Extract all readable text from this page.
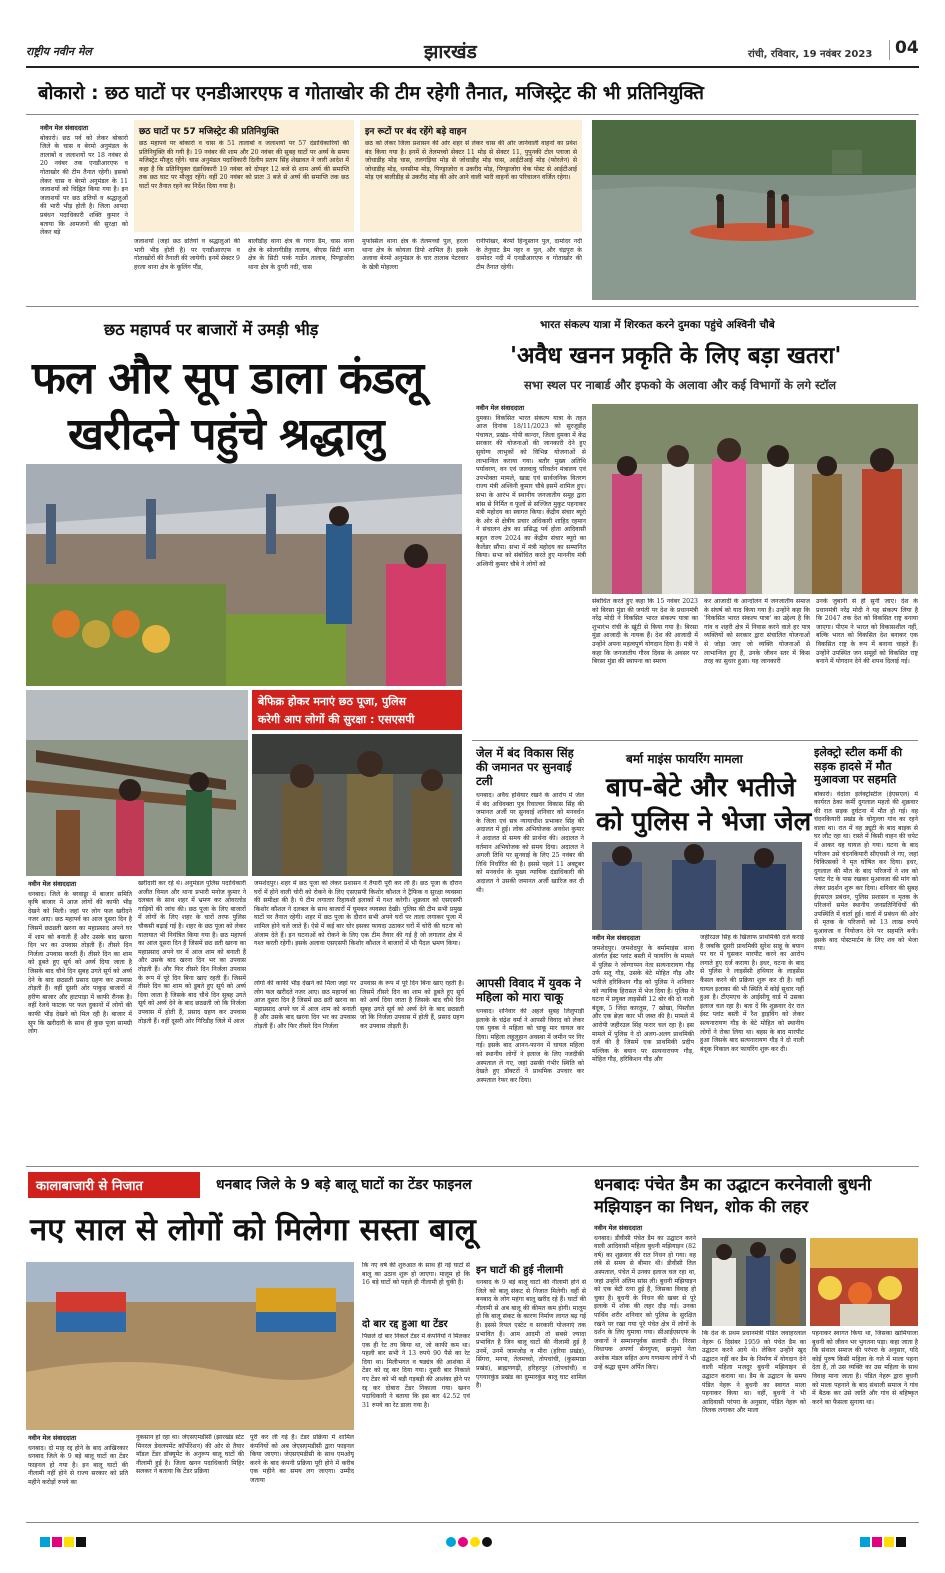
राष्ट्रीय नवीन मेल	झारखंड	रांची, रविवार, 19 नवंबर 2023 04
बोकारो : छठ घाटों पर एनडीआरएफ व गोताखोर की टीम रहेगी तैनात, मजिस्ट्रेट की भी प्रतिनियुक्ति
नवीन मेल संवाददाता
बोकारो। छठ पर्व को लेकर बोकारो जिले के चास व बेरमो अनुमंडल के तालाबों व जलाशयों पर 18 नवंबर से 20 नवंबर तक एनडीआरएफ व गोताखोर की टीम तैनात रहेगी। इसको लेकर चास व बेरमो अनुमंडल के 11 जलाशयों को चिह्नित किया गया है। इन जलाशयों पर छठ व्रतियों व श्रद्धालुओं की भारी भीड़ होती है। जिला आपदा प्रबंधन पदाधिकारी शक्ति कुमार ने बताया कि आमजनों की सुरक्षा को लेकर बड़े
छठ घाटों पर 57 मजिस्ट्रेट की प्रतिनियुक्ति
छठ महापर्व पर बोकारो व चास के 51 तालाबों व जलाशयों पर 57 दंडाधिकारियों की प्रतिनियुक्ति की गयी है। 19 नवंबर की शाम और 20 नवंबर की सुबह घाटों पर अर्घ्य के समय मजिस्ट्रेट मौजूद रहेंगे। चास अनुमंडल पदाधिकारी दिलीप प्रताप सिंह शेखावत ने जारी आदेश में कहा है कि प्रतिनियुक्त दंडाधिकारी 19 नवंबर को दोपहर 12 बजे से शाम अर्घ्य की समाप्ति तक छठ घाट पर मौजूद रहेंगे। वहीं 20 नवंबर को प्रातः 3 बजे से अर्घ्य की समाप्ति तक छठ घाटों पर तैनात रहने का निर्देश दिया गया है।
इन रूटों पर बंद रहेंगे बड़े वाहन
छठ को लेकर जिला प्रशासन की ओर शहर से लेकर चास की ओर जानेवाली वाहनों का प्रवेश बंद किया गया है। इनमें से तेलमच्चो सेक्टर 11 मोड़ से सेक्टर 11, पुपुनकी टोल प्लाजा से जोधाडीह मोड़ चास, तलगड़िया मोड़ से जोधाडीह मोड़ चास, आईटीआई मोड़ (फोरलेन) से जोधाडीह मोड़, धनसीमा मोड़, पिण्ड्राजोरा व उकरीद मोड़, पिण्ड्राजोरा चेक पोस्ट से आईटीआई मोड़ एवं बालीडीह से उकरीद मोड़ की ओर आने वाली भारी वाहनों का परिचालन वर्जित रहेगा।
जलाशयों (जहां छठ व्रतियों व श्रद्धालुओं की भारी भीड़ होती है) पर एनडीआरएफ व गोताखोरों की तैनाती की जायेगी। इनमें सेक्टर 9 हरला थाना क्षेत्र के कूलिंग पौंड,
बालीडीह थाना क्षेत्र के गरगा डैम, चास थाना क्षेत्र के सोलागीडीह तालाब, बीएस सिटी थाना क्षेत्र के सिटी पार्क गार्डेन तालाब, पिण्ड्राजोरा थाना क्षेत्र के दुगरी नदी, चास
मुफस्सिल थाना क्षेत्र के तेलमच्चो पुल, हरला थाना क्षेत्र के कोयला डिपो शामिल हैं। इसके अलावा बेरमो अनुमंडल के चार तालाब पेटरवार के खेत्री मोहल्ला
रानीपोखर, बेरमो हिन्दुस्तान पुल, दामोदर नदी के तेनुघाट डैम नहर व पुल, और चंद्रपुरा के दामोदर नदी में एनडीआरएफ व गोताखोर की टीम तैनात रहेगी।
छठ महापर्व पर बाजारों में उमड़ी भीड़
फल और सूप डाला कंडलू
खरीदने पहुंचे श्रद्धालु
बेफिक्र होकर मनाएं छठ पूजा, पुलिस
करेगी आप लोगों की सुरक्षा : एसएसपी
नवीन मेल संवाददाता
धनबाद। जिले के बरवाड्डा में बाजार समिति कृषि बाजार में आज लोगों की काफी भीड़ देखने को मिली। जहां पर लोग फल खरीदने नजर आए। छठ महापर्व का आज दूसरा दिन है जिसमें छठव्रती खरना का महाप्रसाद अपने घर में शाम को बनाती हैं और उसके बाद खरना दिन भर का उपवास तोड़ती हैं। तीसरे दिन निर्जला उपवास करती हैं। तीसरे दिन का शाम को डूबते हुए सूर्य को अर्घ्य दिया जाता है जिसके बाद चौथे दिन सुबह उगते सूर्य को अर्घ्य देने के बाद छठव्रती प्रसाद ग्रहण कर उपवास तोड़ती हैं। वहीं दूसरी ओर पाकुड़ बाजारों में हरीण बाजार और हाटपाड़ा में काफी रौनक है। वहीं रेलवे फाटक पर फल दुकानों में लोगों की काफी भीड़ देखने को मिल रही है। बाजार में सूप कि खरीदारी के साथ ही कुछ पूजा सामग्री लोग
खरीदारी कर रहे थे। अनुमंडल पुलिस पदाधिकारी अजीत विमल और थाना प्रभारी मनोज कुमार ने दलबल के साथ शहर में भ्रमण कर ओवरलोड गाड़ियों की जांच की। छठ पूजा के लिए बाजारों में लोगों के लिए शहर के चारों तरफ पुलिस चौकसी बढ़ाई गई है। शहर के छठ पूजा को लेकर यातायात भी नियंत्रित किया गया है। छठ महापर्व का आज दूसरा दिन है जिसमें छठ व्रती खरना का महाप्रसाद अपने घर में आज शाम को बनाती हैं और उसके बाद खरना दिन भर का उपवास तोड़ती हैं। और फिर तीसरे दिन निर्जला उपवास के रूप में पूरे दिन बिना खाए रहती हैं। जिसमें तीसरे दिन का शाम को डूबते हुए सूर्य को अर्घ्य दिया जाता है जिसके बाद चौथे दिन सुबह उगते सूर्य को अर्घ्य देने के बाद छठव्रती जो कि निर्जला उपवास में होती हैं, प्रसाद ग्रहण कर उपवास तोड़ती हैं। वहीं दूसरी ओर गिरिडीह जिले में आज
जमशेदपुर। शहर में छठ पूजा को लेकर प्रशासन ने तैयारी पूरी कर ली है। छठ पूजा के दौरान घरों में होने वाली चोरी को रोकने के लिए एसएसपी किशोर कौशल ने ट्रैफिक व सुरक्षा व्यवस्था की समीक्षा की है। ये टीम लगातार रिहायशी इलाकों में गश्त करेगी। शुक्रवार को एसएसपी किशोर कौशल ने दलबल के साथ बाजारों में घूमकर व्यवस्था देखी। पुलिस की टीम सभी प्रमुख घाटों पर तैनात रहेगी। शहर में छठ पूजा के दौरान सभी अपने घरों पर ताला लगाकर पूजा में शामिल होने चले जाते हैं। ऐसे में कई बार चोर इसका फायदा उठाकर घरों में चोरी की घटना को अंजाम देते हैं। इन घटनाओं को रोकने के लिए एक टीम तैयार की गई है जो लगातार क्षेत्र में गश्त करती रहेगी। इसके अलावा एसएसपी किशोर कौशल ने बाजारों में भी पैदल भ्रमण किया।
लोगो की काफी भीड़ देखने को मिला जहां पर लोग फल खरीदते नजर आए। छठ महापर्व का आज दूसरा दिन है जिसमें छठ व्रती खरना का महाप्रसाद अपने घर में आज शाम को बनाती हैं और उसके बाद खरना दिन भर का उपवास तोड़ती हैं। और फिर तीसरे दिन निर्जला
उपवास के रूप में पूरे दिन बिना खाए रहती है। जिसमें तीसरे दिन का शाम को डूबते हुए सूर्य को अर्घ्य दिया जाता है जिसके बाद चौथे दिन सुबह उगते सूर्य को अर्घ्य देने के बाद छठव्रती जो कि निर्जला उपवास में होती हैं, प्रसाद ग्रहण कर उपवास तोड़ती हैं।
भारत संकल्प यात्रा में शिरकत करने दुमका पहुंचे अश्विनी चौबे
'अवैध खनन प्रकृति के लिए बड़ा खतरा'
सभा स्थल पर नाबार्ड और इफको के अलावा और कई विभागों के लगे स्टॉल
नवीन मेल संवाददाता
दुमका। विकसित भारत संकल्प यात्रा के तहत आज दिनांक 18/11/2023 को सुरजूडीह पंचायत, प्रखंड- गोपी कान्दर, जिला दुमका में केंद्र सरकार की योजनाओं की जानकारी देने हुए सुयोग्य लाभुकों को विभिन्न योजनाओं से लाभान्वित कराया गया। बतौर मुख्य अतिथि पर्यावरण, वन एवं जलवायु परिवर्तन मंत्रालय एवं उपभोक्ता मामले, खाद्य एवं सार्वजनिक वितरण राज्य मंत्री अश्विनी कुमार चौबे इसमें शामिल हुए। सभा के आरंभ में स्थानीय जनजातीय समूह द्वारा बांस से निर्मित व फूलों से सज्जित मुकुट पहनाकर मंत्री महोदय का स्वागत किया। केंद्रीय संचार ब्यूरो के ओर से क्षेत्रीय प्रचार अधिकारी शाहिद रहमान ने संचालन क्षेत्र का प्रसिद्ध पर्व होता आदिवासी बहुल राज्य 2024 का केंद्रीय संचार ब्यूरो का कैलेंडर सौंपा। सभा में मंत्री महोदय का सम्मानित किया। सभा को संबोधित करते हुए माननीय मंत्री अश्विनी कुमार चौबे ने लोगों को
संबोधित करते हुए कहा कि 15 नवंबर 2023 को बिरसा मुंडा की जयंती पर देश के प्रधानमंत्री नरेंद्र मोदी ने विकसित भारत संकल्प यात्रा का शुभारंभ रांची के खूंटी से किया गया है। बिरसा मुंडा आजादी के नायक हैं। देश की आजादी में उन्होंने अपना महत्वपूर्ण योगदान दिया है। मंत्री ने कहा कि जनजातीय गौरव दिवस के अवसर पर बिरसा मुंडा की स्थापना का स्मरण
कर आजादी के आन्दोलन में जनजातीय समाज के संघर्ष को याद किया गया है। उन्होंने कहा कि 'विकसित भारत संकल्प यात्रा' का उद्देश्य है कि गांव व शहरी क्षेत्र में निवास करने वाले हर पात्र व्यक्तियों को सरकार द्वारा संचालित योजनाओं से जोड़ा जाए जो व्यक्ति योजनाओं से लाभान्वित हुए हैं, उनके जीवन स्तर में किस तरह का सुधार हुआ। यह जानकारी
उनके जुबानी से ही सुनी जाए। देश के प्रधानमंत्री नरेंद्र मोदी ने यह संकल्प लिया है कि 2047 तक देश को विकसित राष्ट्र बनाया जाएगा। पीएम ने भारत को विकासशील नहीं, बल्कि भारत को विकसित देश बनाकर एक विकसित राष्ट्र के रूप में बनाना चाहते हैं। उन्होंने उपस्थित जन समूहों को विकसित राष्ट्र बनाने में योगदान देने की शपथ दिलाई गई।
जेल में बंद विकास सिंह की जमानत पर सुनवाई टली
धनबाद। अवैध हथियार रखने के आरोप में जेल में बंद अधिवक्ता पुत्र रिवाल्वर विकास सिंह की जमानत अर्जी पर सुनवाई शनिवार को मनवर्धन के जिला एवं सत्र न्यायाधीश प्रभाकर सिंह की अदालत में हुई। लोक अभियोजक अवधेश कुमार ने अदालत से समय की प्रार्थना की। अदालत ने वर्तमान अभियोजक को समय दिया। अदालत ने अगली तिथि पर सुनवाई के लिए 25 नवंबर की तिथि निर्धारित की है। इससे पहले 11 अक्टूबर को मनवर्धन के मुख्य न्यायिक दंडाधिकारी की अदालत ने उसकी जमानत अर्जी खारिज कर दी थी।
आपसी विवाद में युवक ने महिला को मारा चाकू
धनबाद। शनिवार की अहले सुबह लिलुपाड़ी इलाके के चंद्रेश वर्मा ने आपसी विवाद को लेकर एक युवक ने महिला को चाकू मार घायल कर दिया। महिला लहूलुहान अवस्था में जमीन पर गिर गई। इसके बाद आनन-फानन में घायल महिला को स्थानीय लोगों ने इलाज के लिए नजदीकी अस्पताल ले गए, जहां उसकी गंभीर स्थिति को देखते हुए डॉक्टरों ने प्राथमिक उपचार कर अस्पताल रेफर कर दिया।
बर्मा माइंस फायरिंग मामला
बाप-बेटे और भतीजे
को पुलिस ने भेजा जेल
नवीन मेल संवाददाता
जमशेदपुर। जमशेदपुर के बर्मामाइंस थाना अंतर्गत ईस्ट प्लांट बस्ती में फायरिंग के मामले में पुलिस ने जोग्गाप्पन नेता सत्यनारायण गौड़ उर्फ सतू गौड़, उसके बेटे मोहित गौड़ और भतीजे हरिकिशन गौड़ को पुलिस ने शनिवार को न्यायिक हिरासत में भेज दिया है। पुलिस ने घटना में प्रयुक्त लाइसेंसी 12 बोर की दो नाली बंदूक, 5 जिंदा कारतूस, 7 खोखा, पिस्तौल और एक ब्रेज़ा कार भी जब्त की है। मामले में आरोपी जहीरउल सिंह फरार चल रहा है। इस मामले में पुलिस ने दो अलग-अलग प्राथमिकी दर्ज की है जिसमें एक प्राथमिकी प्रदीप मल्लिक के बयान पर सत्यनारायण गौड़, मोहित गौड़, हरिकिशन गौड़ और
जहीरउल सिंह के खिलाफ प्राथमिकी दर्ज कराई है जबकि दूसरी प्राथमिकी सुरेश साहू के बयान पर घर में घुसकर मारपीट करने का आरोप लगाते हुए दर्ज कराया है। इधर, घटना के बाद से पुलिस ने लाइसेंसी हथियार के लाइसेंस कैंसल करने की प्रक्रिया शुरू कर दी है। वहीं घायल इलाका की भी स्थिति में कोई सुधार नहीं हुआ है। टीएमएच के आईसीयू वार्ड में उसका इलाज चल रहा है। बता दें कि शुक्रवार देर रात ईस्ट प्लांट बस्ती में रैश ड्राइविंग को लेकर सत्यनारायण गौड़ के बेटे मोहित को स्थानीय लोगों ने रोका लिया था। बहस के बाद मारपीट हुआ जिसके बाद सत्यनारायण गौड़ ने दो नाली बंदूक निकाल कर फायरिंग शुरू कर दी।
इलेक्ट्रो स्टील कर्मी की सड़क हादसे में मौत मुआवजा पर सहमति
बोकारो। वेदांता इलेक्ट्रोस्टील (ईएसएल) में कार्यरत ठेका कर्मी दुगलाल महतो की शुक्रवार की रात सड़क दुर्घटना में मौत हो गई। वह चंदनकियारी प्रखंड के चोगुल्ला गांव का रहने वाला था। रात में वह ड्यूटी के बाद बाइक से घर लौट रहा था। रास्ते में किसी वाहन की चपेट में आकर वह घायल हो गया। घटना के बाद परिजन उसे चंदनकियारी सीएचसी ले गए, जहां चिकित्सकों ने मृत घोषित कर दिया। इधर, दुगलाल की मौत के बाद परिजनों ने शव को प्लांट गेट के पास रखकर मुआवजा की मांग को लेकर प्रदर्शन शुरू कर दिया। शनिवार की सुबह ईएसएल प्रबंधन, पुलिस प्रशासन व मृतक के परिजनों समेत स्थानीय जनप्रतिनिधियों की उपस्थिति में वार्ता हुई। वार्ता में प्रबंधन की ओर से मृतक के परिजनों को 13 लाख रुपये मुआवजा व नियोजन देने पर सहमति बनी। इसके बाद पोस्टमार्टम के लिए शव को भेजा गया।
कालाबाजारी से निजात	धनबाद जिले के 9 बड़े बालू घाटों का टेंडर फाइनल
नए साल से लोगों को मिलेगा सस्ता बालू
नवीन मेल संवाददाता
धनबाद। दो माह रद्द होने के बाद आखिरकार धनबाद जिले के 9 बड़े बालू घाटों का टेंडर फाइनल हो गया है। इन बालू घाटों की नीलामी नहीं होने से राज्य सरकार को प्रति महीने करोड़ों रुपये का
नुकसान हो रहा था। जेएसएमडीसी (झारखंड स्टेट मिनरल डेवलपमेंट कॉर्पोरेशन) की ओर से तैयार मॉडल टेंडर डॉक्यूमेंट के अनुरूप बालू घाटों की नीलामी हुई है। जिला खनन पदाधिकारी मिहिर सलकर ने बताया कि टेंडर प्रक्रिया
पूरी कर ली गई है। टेंडर प्रक्रिया में शामिल कंपनियों को अब जेएसएमडीसी द्वारा फाइनल किया जाएगा। जेएसएमडीसी के साथ एमओयू करने के बाद कंपनी प्रक्रिया पूरी होने में करीब एक महीने का समय लग जाएगा। उम्मीद जताया
कि नए वर्ष की शुरुआत के साथ ही नई घाटों से बालू का उठाव शुरू हो जाएगा। मालूम हो कि 16 बड़े घाटों को पहले ही नीलामी हो चुकी है।
दो बार रद्द हुआ था टेंडर
पिछले दो बार निकले टेंडर में कंपनियों ने मिलकर एक ही रेट तय किया था, जो काफी कम था। पहली बार सभी ने 13 रुपये 90 पैसे का रेट दिया था। मिलीभगत व षड्यंत्र की आशंका में टेंडर को रद्द कर दिया गया। दूसरी बार निकाले गए टेंडर को भी बड़ी गड़बड़ी की आशंका होने पर रद्द कर दोबारा टेंडर निकाला गया। खनन पदाधिकारी ने बताया कि इस बार 42.52 एवं 31 रुपये का रेट डाला गया है।
इन घाटों की हुई नीलामी
धनबाद के 9 बड़े बालू घाटों की नीलामी होने से जिले को बालू संकट से निजात मिलेगी। वहीं से बनबाद के लोग महंगा बालू खरीद रहे हैं। घाटों की नीलामी से अब बालू की कीमत कम होगी। मालूम हो कि बालू संकट के कारण निर्माण लागत बढ़ गई है। इससे रियल एस्टेट व सरकारी योजनाएं तक प्रभावित हैं। आम आदमी तो सबसे ज्यादा प्रभावित है जिन बालू घाटों की नीलामी हुई है उनमें, उनमें जामजोड़ व मीरा (हरिया प्रखंड), सिंगरा, मनपा, तेलमच्चो, तोपचांची, (कुसमाडा प्रखंड), ब्राह्मणगढ़ी, हरिहरपुर (तोपचांची) व एगयारकुंड प्रखंड का दुम्मारकुंड बालू घाट शामिल है।
धनबादः पंचेत डैम का उद्घाटन करनेवाली बुधनी मझियाइन का निधन, शोक की लहर
नवीन मेल संवाददाता
धनबाद। डीवीसी पंचेत डैम का उद्घाटन करने वाली आदिवासी महिला बुधनी मझियाइन (82 वर्ष) का शुक्रवार की रात निधन हो गया। वह लंबे से समय से बीमार थी। डीवीसी तिल अस्पताल, पंचेत में उनका इलाज चल रहा था, जहां उन्होंने अंतिम सांस ली। बुधनी मझियाइन को एक बेटी रत्ना हुई है, जिसका विवाह हो चुका है। बुधनी के निधन की खबर से पूरे इलाके में शोक की लहर दौड़ गई। उनका पार्थिव शरीर शनिवार को पुलिस के सुरक्षित रखने पर रखा गया पूरे पंचेत क्षेत्र में लोगों के दर्शन के लिए घुमाया गया। सीआईएसएफ के जवानों ने सम्मानपूर्वक सलामी दी। निरसा विधायक अपर्णा सेनगुप्ता, झामुमो नेता अशोक मंडल सहित अन्य गणमान्य लोगों ने भी उन्हें श्रद्धा सुमन अर्पित किए।
कि देश के प्रथम प्रधानमंत्री पंडित जवाहरलाल नेहरू 6 दिसंबर 1959 को पंचेत डैम का उद्घाटन करने आये थे। लेकिन उन्होंने खुद उद्घाटन नहीं कर डैम के निर्माण में योगदान देने वाली महिला मजदूर बुधनी मझियाइन से उद्घाटन कराया था। डैम के उद्घाटन के समय पंडित नेहरू ने बुधनी का स्वागत माला पहनाकर किया था। वहीं, बुधनी ने भी आदिवासी परंपरा के अनुसार, पंडित नेहरू को तिलक लगाकर और माला
पहनाकर स्वागत किया था, जिसका खामियाजा बुधनी को जीवन भर भुगतना पड़ा। कहा जाता है कि संथाल समाज की परंपरा के अनुसार, यदि कोई पुरुष किसी महिला के गले में माला पहना देता है, तो उस व्यक्ति का उस महिला के साथ विवाह माना जाता है। पंडित नेहरू द्वारा बुधनी को माला पहनाने के बाद संथाली समाज ने गांव में बैठक कर उसे जाति और गांव से बहिष्कृत करने का फैसला सुनाया था।
